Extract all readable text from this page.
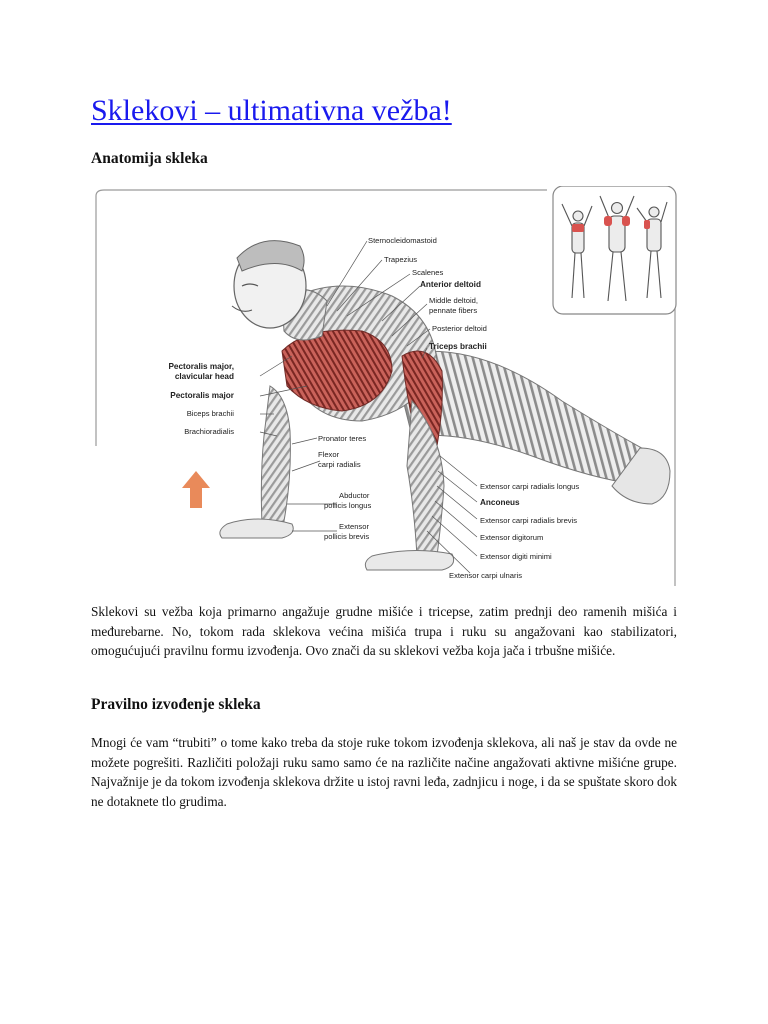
Sklekovi – ultimativna vežba!
Anatomija skleka
Sternocleidomastoid
Trapezius
Scalenes
Anterior deltoid
Middle deltoid,
pennate fibers
Posterior deltoid
Triceps brachii
Pectoralis major,
clavicular head
Pectoralis major
Biceps brachii
Brachioradialis
Pronator teres
Flexor
carpi radialis
Abductor
pollicis longus
Extensor
pollicis brevis
Extensor carpi radialis longus
Anconeus
Extensor carpi radialis brevis
Extensor digitorum
Extensor digiti minimi
Extensor carpi ulnaris

Sklekovi su vežba koja primarno angažuje grudne mišiće i tricepse, zatim prednji deo ramenih mišića i međurebarne. No, tokom rada sklekova većina mišića trupa i ruku su angažovani kao stabilizatori, omogućujući pravilnu formu izvođenja. Ovo znači da su sklekovi vežba koja jača i trbušne mišiće.

Pravilno izvođenje skleka

Mnogi će vam “trubiti” o tome kako treba da stoje ruke tokom izvođenja sklekova, ali naš je stav da ovde ne možete pogrešiti. Različiti položaji ruku samo samo će na različite načine angažovati aktivne mišićne grupe. Najvažnije je da tokom izvođenja sklekova držite u istoj ravni leđa, zadnjicu i noge, i da se spuštate skoro dok ne dotaknete tlo grudima.
